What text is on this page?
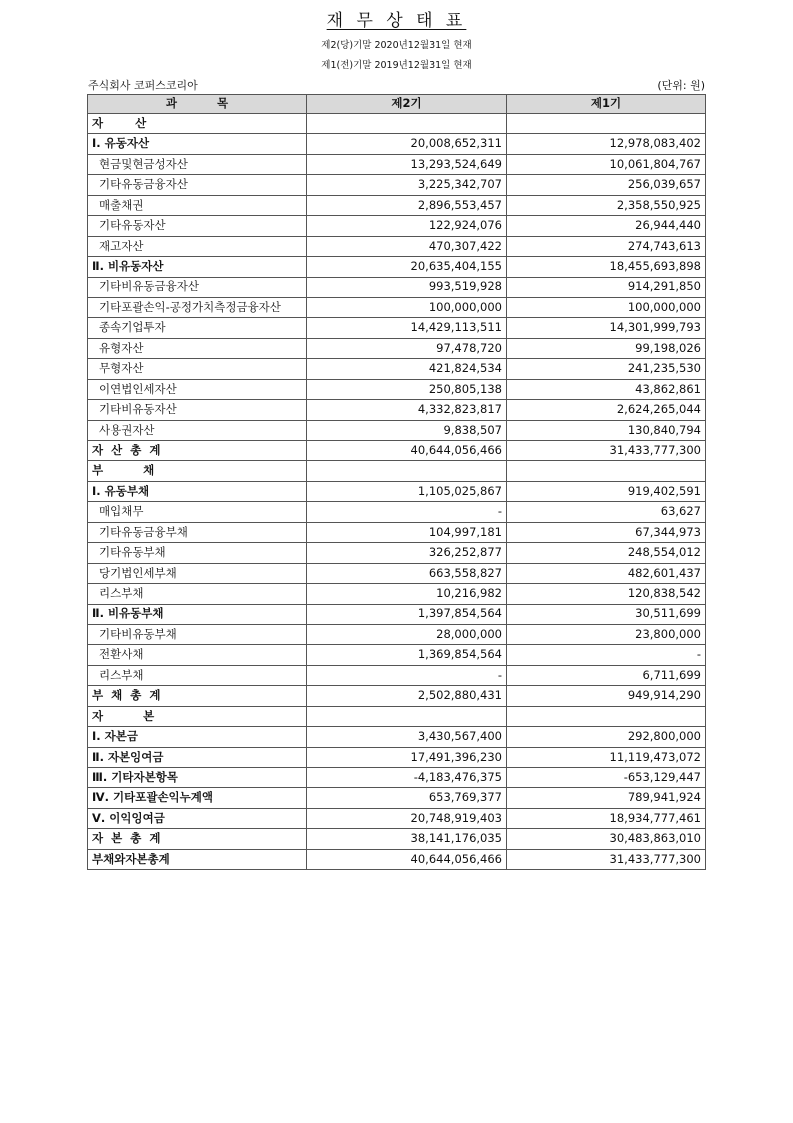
재 무 상 태 표
제2(당)기말 2020년12월31일 현재
제1(전)기말 2019년12월31일 현재
주식회사 코퍼스코리아	(단위: 원)
과          목	제2기	제1기
자        산		
Ⅰ. 유동자산	20,008,652,311	12,978,083,402
현금및현금성자산	13,293,524,649	10,061,804,767
기타유동금융자산	3,225,342,707	256,039,657
매출채권	2,896,553,457	2,358,550,925
기타유동자산	122,924,076	26,944,440
재고자산	470,307,422	274,743,613
Ⅱ. 비유동자산	20,635,404,155	18,455,693,898
기타비유동금융자산	993,519,928	914,291,850
기타포괄손익-공정가치측정금융자산	100,000,000	100,000,000
종속기업투자	14,429,113,511	14,301,999,793
유형자산	97,478,720	99,198,026
무형자산	421,824,534	241,235,530
이연법인세자산	250,805,138	43,862,861
기타비유동자산	4,332,823,817	2,624,265,044
사용권자산	9,838,507	130,840,794
자  산  총  계	40,644,056,466	31,433,777,300
부          채		
Ⅰ. 유동부채	1,105,025,867	919,402,591
매입채무	-	63,627
기타유동금융부채	104,997,181	67,344,973
기타유동부채	326,252,877	248,554,012
당기법인세부채	663,558,827	482,601,437
리스부채	10,216,982	120,838,542
Ⅱ. 비유동부채	1,397,854,564	30,511,699
기타비유동부채	28,000,000	23,800,000
전환사채	1,369,854,564	-
리스부채	-	6,711,699
부  채  총  계	2,502,880,431	949,914,290
자          본		
Ⅰ. 자본금	3,430,567,400	292,800,000
Ⅱ. 자본잉여금	17,491,396,230	11,119,473,072
Ⅲ. 기타자본항목	-4,183,476,375	-653,129,447
Ⅳ. 기타포괄손익누계액	653,769,377	789,941,924
Ⅴ. 이익잉여금	20,748,919,403	18,934,777,461
자  본  총  계	38,141,176,035	30,483,863,010
부채와자본총계	40,644,056,466	31,433,777,300
